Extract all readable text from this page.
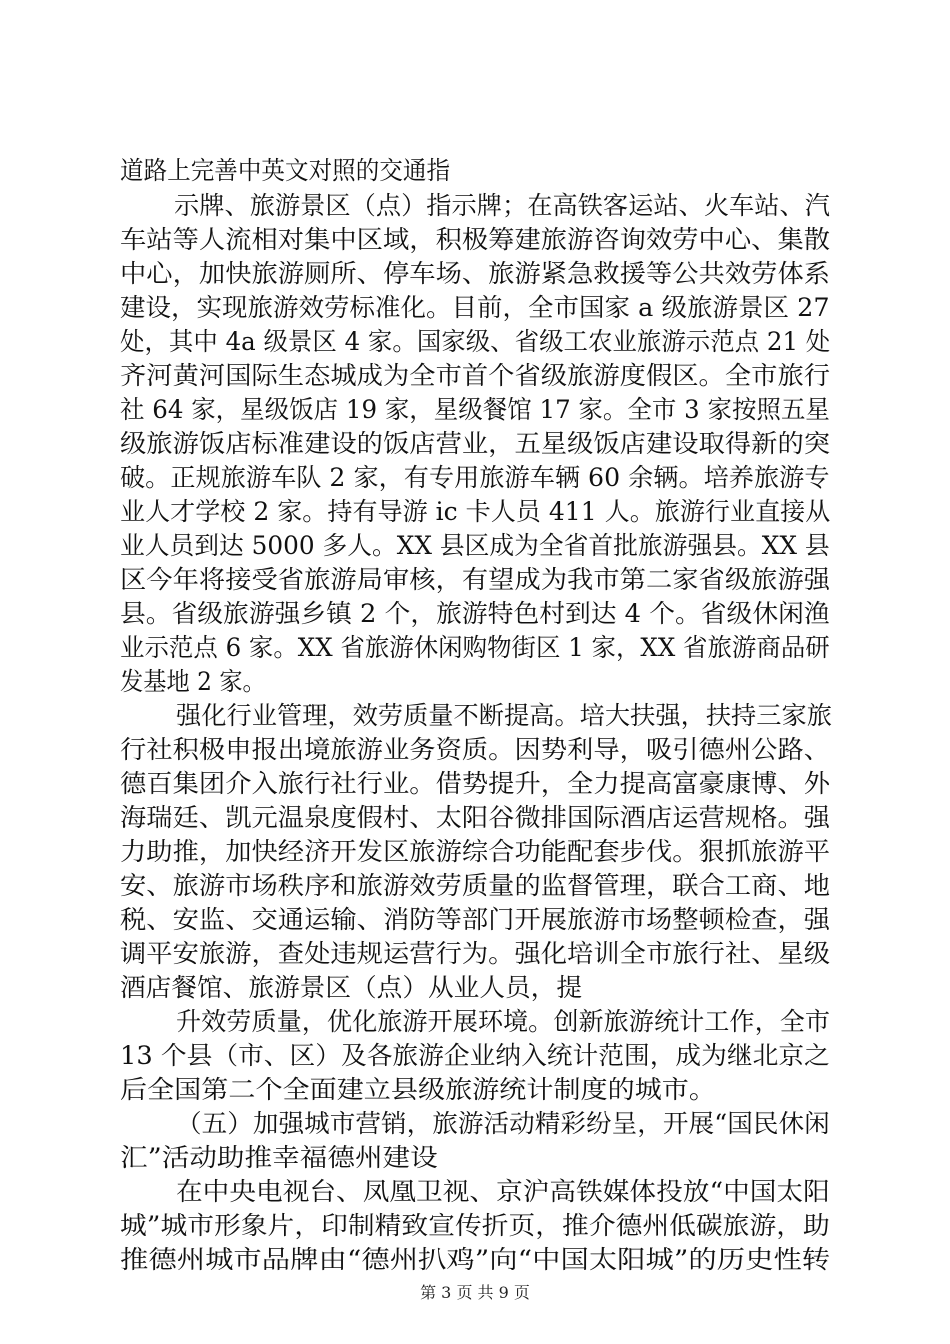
道路上完善中英文对照的交通指
示牌、旅游景区（点）指示牌；在高铁客运站、火车站、汽
车站等人流相对集中区域，积极筹建旅游咨询效劳中心、集散
中心，加快旅游厕所、停车场、旅游紧急救援等公共效劳体系
建设，实现旅游效劳标准化。目前，全市国家 a 级旅游景区 27
处，其中 4a 级景区 4 家。国家级、省级工农业旅游示范点 21 处
齐河黄河国际生态城成为全市首个省级旅游度假区。全市旅行
社 64 家，星级饭店 19 家，星级餐馆 17 家。全市 3 家按照五星
级旅游饭店标准建设的饭店营业，五星级饭店建设取得新的突
破。正规旅游车队 2 家，有专用旅游车辆 60 余辆。培养旅游专
业人才学校 2 家。持有导游 ic 卡人员 411 人。旅游行业直接从
业人员到达 5000 多人。XX 县区成为全省首批旅游强县。XX 县
区今年将接受省旅游局审核，有望成为我市第二家省级旅游强
县。省级旅游强乡镇 2 个，旅游特色村到达 4 个。省级休闲渔
业示范点 6 家。XX 省旅游休闲购物街区 1 家，XX 省旅游商品研
发基地 2 家。
强化行业管理，效劳质量不断提高。培大扶强，扶持三家旅
行社积极申报出境旅游业务资质。因势利导，吸引德州公路、
德百集团介入旅行社行业。借势提升，全力提高富豪康博、外
海瑞廷、凯元温泉度假村、太阳谷微排国际酒店运营规格。强
力助推，加快经济开发区旅游综合功能配套步伐。狠抓旅游平
安、旅游市场秩序和旅游效劳质量的监督管理，联合工商、地
税、安监、交通运输、消防等部门开展旅游市场整顿检查，强
调平安旅游，查处违规运营行为。强化培训全市旅行社、星级
酒店餐馆、旅游景区（点）从业人员，提
升效劳质量，优化旅游开展环境。创新旅游统计工作，全市
13 个县（市、区）及各旅游企业纳入统计范围，成为继北京之
后全国第二个全面建立县级旅游统计制度的城市。
（五）加强城市营销，旅游活动精彩纷呈，开展“国民休闲
汇”活动助推幸福德州建设
在中央电视台、凤凰卫视、京沪高铁媒体投放“中国太阳
城”城市形象片，印制精致宣传折页，推介德州低碳旅游，助
推德州城市品牌由“德州扒鸡”向“中国太阳城”的历史性转
第 3 页 共 9 页
